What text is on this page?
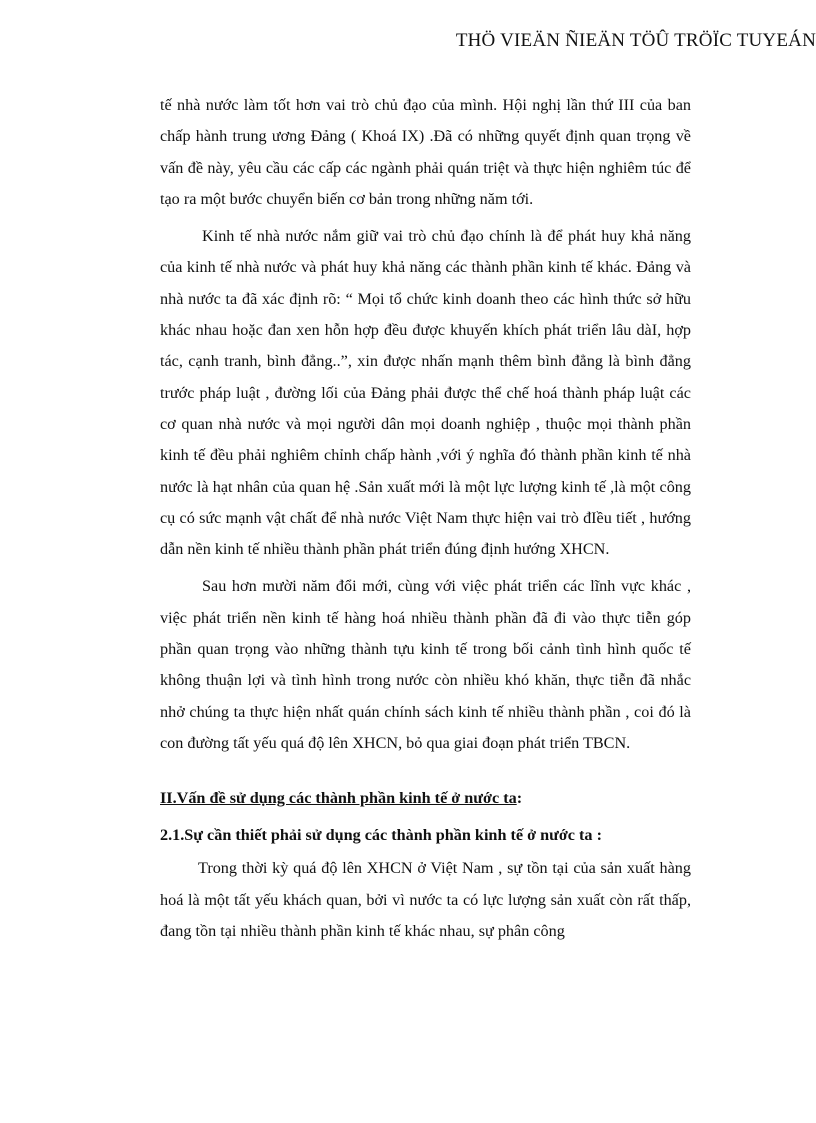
THÖ VIEÄN ÑIEÄN TÖÛ TRÖÏC TUYEÁN

tế nhà nước làm tốt hơn vai trò chủ đạo của mình. Hội nghị lần thứ III của ban chấp hành trung ương Đảng ( Khoá IX) .Đã có những quyết định quan trọng về vấn đề này, yêu cầu các cấp các ngành phải quán triệt và thực hiện nghiêm túc để tạo ra một bước chuyển biến cơ bản trong những năm tới.

Kinh tế nhà nước nắm giữ vai trò chủ đạo chính là để phát huy khả năng của kinh tế nhà nước và phát huy khả năng các thành phần kinh tế khác. Đảng và nhà nước ta đã xác định rõ: “ Mọi tổ chức kinh doanh theo các hình thức sở hữu khác nhau hoặc đan xen hỗn hợp đều được khuyến khích phát triển lâu dàI, hợp tác, cạnh tranh, bình đẳng..”, xin được nhấn mạnh thêm bình đẳng là bình đẳng trước pháp luật , đường lối của Đảng phải được thể chế hoá thành pháp luật các cơ quan nhà nước và mọi người dân mọi doanh nghiệp , thuộc mọi thành phần kinh tế đều phải nghiêm chỉnh chấp hành ,với ý nghĩa đó thành phần kinh tế nhà nước là hạt nhân của quan hệ .Sản xuất mới là một lực lượng kinh tế ,là một công cụ có sức mạnh vật chất để nhà nước Việt Nam thực hiện vai trò đIều tiết , hướng dẫn nền kinh tế nhiều thành phần phát triển đúng định hướng XHCN.

Sau hơn mười năm đổi mới, cùng với việc phát triển các lĩnh vực khác , việc phát triển nền kinh tế hàng hoá nhiều thành phần đã đi vào thực tiễn góp phần quan trọng vào những thành tựu kinh tế trong bối cảnh tình hình quốc tế không thuận lợi và tình hình trong nước còn nhiều khó khăn, thực tiễn đã nhắc nhở chúng ta thực hiện nhất quán chính sách kinh tế nhiều thành phần , coi đó là con đường tất yếu quá độ lên XHCN, bỏ qua giai đoạn phát triển TBCN.

II.Vấn đề sử dụng các thành phần kinh tế ở nước ta:
2.1.Sự cần thiết phải sử dụng các thành phần kinh tế ở nước ta :

Trong thời kỳ quá độ lên XHCN ở Việt Nam , sự tồn tại của sản xuất hàng hoá là một tất yếu khách quan, bởi vì nước ta có lực lượng sản xuất còn rất thấp, đang tồn tại nhiều thành phần kinh tế khác nhau, sự phân công
